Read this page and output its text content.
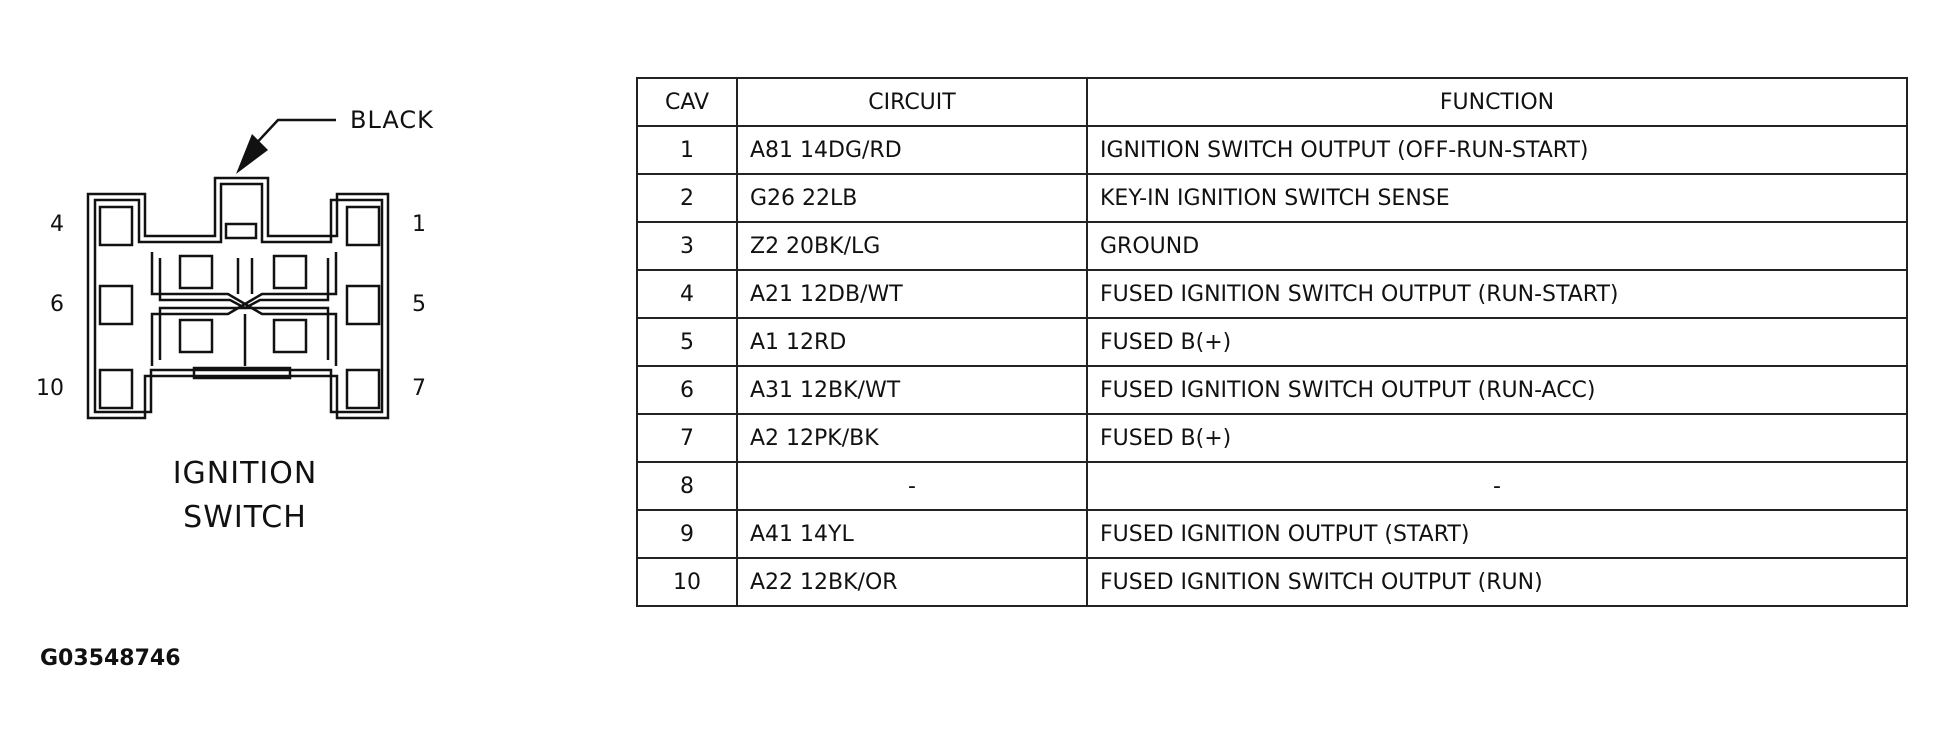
BLACK
4
6
10
1
5
7
IGNITION
SWITCH
G03548746
CAV	CIRCUIT	FUNCTION
1	A81 14DG/RD	IGNITION SWITCH OUTPUT (OFF-RUN-START)
2	G26 22LB	KEY-IN IGNITION SWITCH SENSE
3	Z2 20BK/LG	GROUND
4	A21 12DB/WT	FUSED IGNITION SWITCH OUTPUT (RUN-START)
5	A1 12RD	FUSED B(+)
6	A31 12BK/WT	FUSED IGNITION SWITCH OUTPUT (RUN-ACC)
7	A2 12PK/BK	FUSED B(+)
8	-	-
9	A41 14YL	FUSED IGNITION OUTPUT (START)
10	A22 12BK/OR	FUSED IGNITION SWITCH OUTPUT (RUN)
